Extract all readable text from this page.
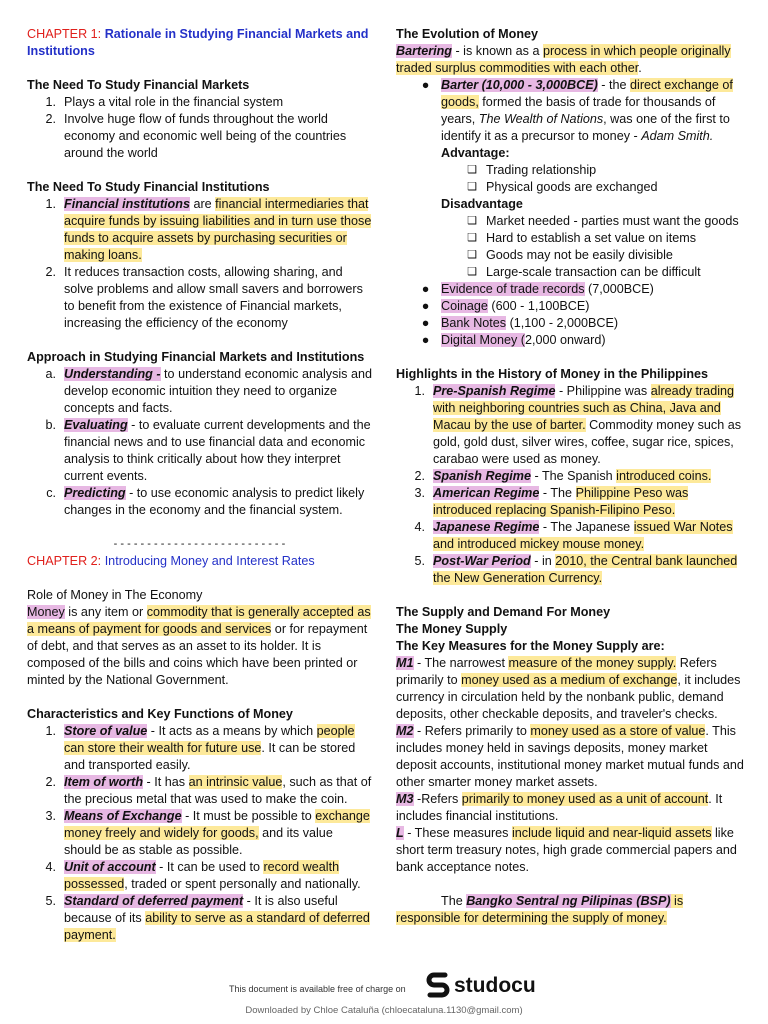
CHAPTER 1: Rationale in Studying Financial Markets and Institutions

The Need To Study Financial Markets

1. Plays a vital role in the financial system
2. Involve huge flow of funds throughout the world economy and economic well being of the countries around the world

The Need To Study Financial Institutions

1. Financial institutions are financial intermediaries that acquire funds by issuing liabilities and in turn use those funds to acquire assets by purchasing securities or making loans.
2. It reduces transaction costs, allowing sharing, and solve problems and allow small savers and borrowers to benefit from the existence of Financial markets, increasing the efficiency of the economy

Approach in Studying Financial Markets and Institutions

a. Understanding - to understand economic analysis and develop economic intuition they need to organize concepts and facts.
b. Evaluating - to evaluate current developments and the financial news and to use financial data and economic analysis to think critically about how they interpret current events.
c. Predicting - to use economic analysis to predict likely changes in the economy and the financial system.

- - - - - - - - - - - - - - - - - - - - - - - - - -

CHAPTER 2: Introducing Money and Interest Rates

Role of Money in The Economy

Money is any item or commodity that is generally accepted as a means of payment for goods and services or for repayment of debt, and that serves as an asset to its holder. It is composed of the bills and coins which have been printed or minted by the National Government.

Characteristics and Key Functions of Money

1. Store of value - It acts as a means by which people can store their wealth for future use. It can be stored and transported easily.
2. Item of worth - It has an intrinsic value, such as that of the precious metal that was used to make the coin.
3. Means of Exchange - It must be possible to exchange money freely and widely for goods, and its value should be as stable as possible.
4. Unit of account - It can be used to record wealth possessed, traded or spent personally and nationally.
5. Standard of deferred payment - It is also useful because of its ability to serve as a standard of deferred payment.

The Evolution of Money

Bartering - is known as a process in which people originally traded surplus commodities with each other.

● Barter (10,000 - 3,000BCE) - the direct exchange of goods, formed the basis of trade for thousands of years, The Wealth of Nations, was one of the first to identify it as a precursor to money - Adam Smith.

Advantage:

❑ Trading relationship
❑ Physical goods are exchanged

Disadvantage

❑ Market needed - parties must want the goods
❑ Hard to establish a set value on items
❑ Goods may not be easily divisible
❑ Large-scale transaction can be difficult
● Evidence of trade records (7,000BCE)
● Coinage (600 - 1,100BCE)
● Bank Notes (1,100 - 2,000BCE)
● Digital Money (2,000 onward)

Highlights in the History of Money in the Philippines

1. Pre-Spanish Regime - Philippine was already trading with neighboring countries such as China, Java and Macau by the use of barter. Commodity money such as gold, gold dust, silver wires, coffee, sugar rice, spices, carabao were used as money.
2. Spanish Regime - The Spanish introduced coins.
3. American Regime - The Philippine Peso was introduced replacing Spanish-Filipino Peso.
4. Japanese Regime - The Japanese issued War Notes and introduced mickey mouse money.
5. Post-War Period - in 2010, the Central bank launched the New Generation Currency.

The Supply and Demand For Money

The Money Supply

The Key Measures for the Money Supply are:

M1 - The narrowest measure of the money supply. Refers primarily to money used as a medium of exchange, it includes currency in circulation held by the nonbank public, demand deposits, other checkable deposits, and traveler's checks.

M2 - Refers primarily to money used as a store of value. This includes money held in savings deposits, money market deposit accounts, institutional money market mutual funds and other smarter money market assets.

M3 -Refers primarily to money used as a unit of account. It includes financial institutions.

L - These measures include liquid and near-liquid assets like short term treasury notes, high grade commercial papers and bank acceptance notes.

The Bangko Sentral ng Pilipinas (BSP) is responsible for determining the supply of money.

This document is available free of charge on studocu
Downloaded by Chloe Cataluña (chloecataluna.1130@gmail.com)
